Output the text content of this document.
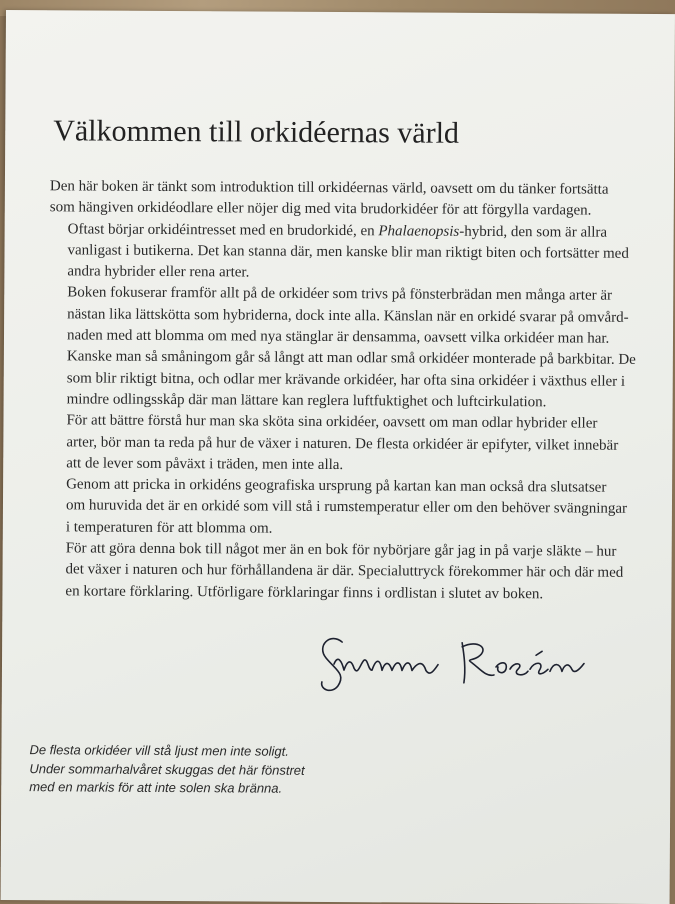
Välkommen till orkidéernas värld

Den här boken är tänkt som introduktion till orkidéernas värld, oavsett om du tänker fortsätta
som hängiven orkidéodlare eller nöjer dig med vita brudorkidéer för att förgylla vardagen.

Oftast börjar orkidéintresset med en brudorkidé, en Phalaenopsis-hybrid, den som är allra
vanligast i butikerna. Det kan stanna där, men kanske blir man riktigt biten och fortsätter med
andra hybrider eller rena arter.

Boken fokuserar framför allt på de orkidéer som trivs på fönsterbrädan men många arter är
nästan lika lättskötta som hybriderna, dock inte alla. Känslan när en orkidé svarar på omvård-
naden med att blomma om med nya stänglar är densamma, oavsett vilka orkidéer man har.
Kanske man så småningom går så långt att man odlar små orkidéer monterade på barkbitar. De
som blir riktigt bitna, och odlar mer krävande orkidéer, har ofta sina orkidéer i växthus eller i
mindre odlingsskåp där man lättare kan reglera luftfuktighet och luftcirkulation.

För att bättre förstå hur man ska sköta sina orkidéer, oavsett om man odlar hybrider eller
arter, bör man ta reda på hur de växer i naturen. De flesta orkidéer är epifyter, vilket innebär
att de lever som påväxt i träden, men inte alla.

Genom att pricka in orkidéns geografiska ursprung på kartan kan man också dra slutsatser
om huruvida det är en orkidé som vill stå i rumstemperatur eller om den behöver svängningar
i temperaturen för att blomma om.

För att göra denna bok till något mer än en bok för nybörjare går jag in på varje släkte – hur
det växer i naturen och hur förhållandena är där. Specialuttryck förekommer här och där med
en kortare förklaring. Utförligare förklaringar finns i ordlistan i slutet av boken.

De flesta orkidéer vill stå ljust men inte soligt.
Under sommarhalvåret skuggas det här fönstret
med en markis för att inte solen ska bränna.
